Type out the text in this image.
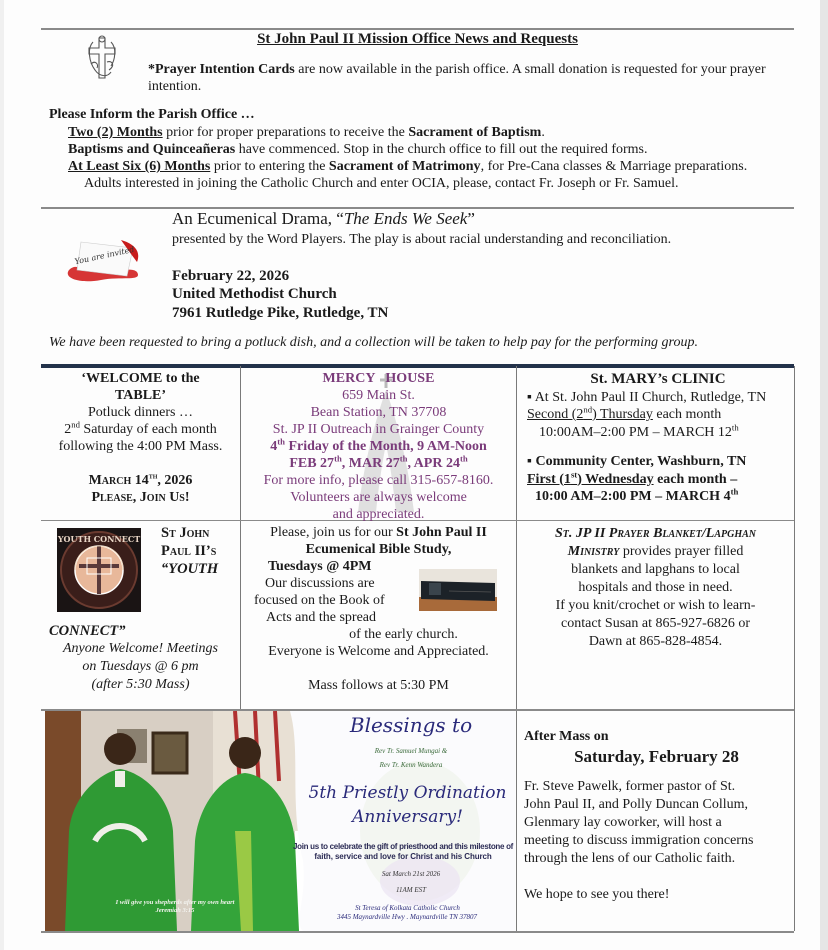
St John Paul II Mission Office News and Requests
*Prayer Intention Cards are now available in the parish office. A small donation is requested for your prayer intention.
Please Inform the Parish Office …
Two (2) Months prior for proper preparations to receive the Sacrament of Baptism.
Baptisms and Quinceañeras have commenced. Stop in the church office to fill out the required forms.
At Least Six (6) Months prior to entering the Sacrament of Matrimony, for Pre-Cana classes & Marriage preparations.
Adults interested in joining the Catholic Church and enter OCIA, please, contact Fr. Joseph or Fr. Samuel.
You are invited
An Ecumenical Drama, “The Ends We Seek”
presented by the Word Players. The play is about racial understanding and reconciliation.
February 22, 2026
United Methodist Church
7961 Rutledge Pike, Rutledge, TN
We have been requested to bring a potluck dish, and a collection will be taken to help pay for the performing group.
‘WELCOME to the
TABLE’
Potluck dinners …
2nd Saturday of each month
following the 4:00 PM Mass.
March 14th, 2026
Please, Join Us!
MERCY   HOUSE
659 Main St.
Bean Station, TN 37708
St. JP II Outreach in Grainger County
4th Friday of the Month, 9 AM-Noon
FEB 27th, MAR 27th, APR 24th
For more info, please call 315-657-8160.
Volunteers are always welcome
and appreciated.
St. MARY’s CLINIC
▪ At St. John Paul II Church, Rutledge, TN
Second (2nd) Thursday each month
10:00AM–2:00 PM – MARCH 12th
▪ Community Center, Washburn, TN
First (1st) Wednesday each month –
10:00 AM–2:00 PM – MARCH 4th
YOUTH CONNECT St John
Paul II’s
“YOUTH
CONNECT”
Anyone Welcome! Meetings
on Tuesdays @ 6 pm
(after 5:30 Mass)
Please, join us for our St John Paul II
Ecumenical Bible Study,
Tuesdays @ 4PM
Our discussions are
focused on the Book of
Acts and the spread
of the early church.
Everyone is Welcome and Appreciated.
Mass follows at 5:30 PM
St. JP II Prayer Blanket/Lapghan
Ministry provides prayer filled
blankets and lapghans to local
hospitals and those in need.
If you knit/crochet or wish to learn-
contact Susan at 865-927-6826 or
Dawn at 865-828-4854.
Blessings to
Rev Tr. Samuel Mungai &
Rev Tr. Kenn Wandera
5th Priestly Ordination
Anniversary!
Join us to celebrate the gift of priesthood and this milestone of
faith, service and love for Christ and his Church
Sat March 21st 2026
11AM EST
St Teresa of Kolkata Catholic Church
3445 Maynardville Hwy . Maynardville TN 37807
I will give you shepherds after my own heart
Jeremiah 3:15
After Mass on
Saturday, February 28
Fr. Steve Pawelk, former pastor of St.
John Paul II, and Polly Duncan Collum,
Glenmary lay coworker, will host a
meeting to discuss immigration concerns
through the lens of our Catholic faith.
We hope to see you there!
